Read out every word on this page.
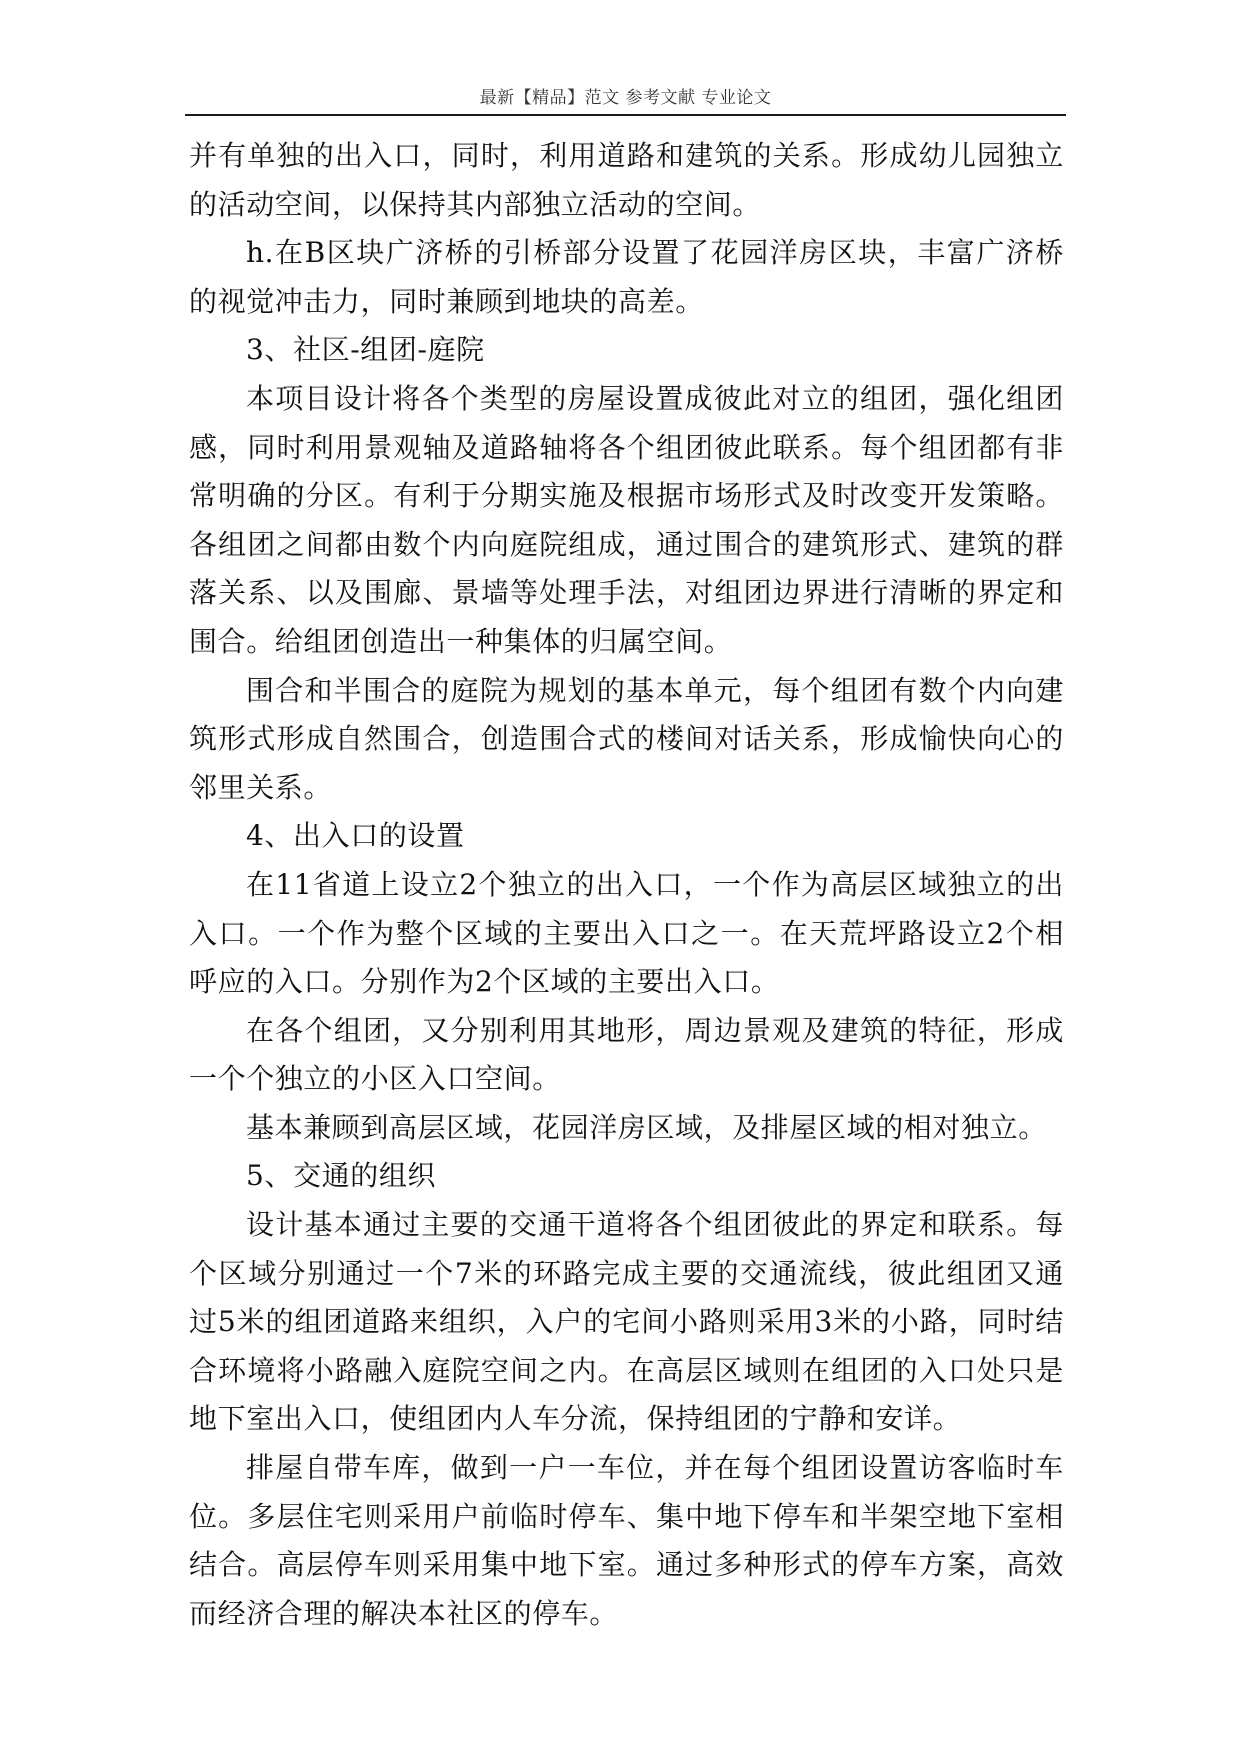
最新【精品】范文 参考文献 专业论文

并有单独的出入口，同时，利用道路和建筑的关系。形成幼儿园独立的活动空间，以保持其内部独立活动的空间。

h.在B区块广济桥的引桥部分设置了花园洋房区块，丰富广济桥的视觉冲击力，同时兼顾到地块的高差。

3、社区-组团-庭院

本项目设计将各个类型的房屋设置成彼此对立的组团，强化组团感，同时利用景观轴及道路轴将各个组团彼此联系。每个组团都有非常明确的分区。有利于分期实施及根据市场形式及时改变开发策略。各组团之间都由数个内向庭院组成，通过围合的建筑形式、建筑的群落关系、以及围廊、景墙等处理手法，对组团边界进行清晰的界定和围合。给组团创造出一种集体的归属空间。

围合和半围合的庭院为规划的基本单元，每个组团有数个内向建筑形式形成自然围合，创造围合式的楼间对话关系，形成愉快向心的邻里关系。

4、出入口的设置

在11省道上设立2个独立的出入口，一个作为高层区域独立的出入口。一个作为整个区域的主要出入口之一。在天荒坪路设立2个相呼应的入口。分别作为2个区域的主要出入口。

在各个组团，又分别利用其地形，周边景观及建筑的特征，形成一个个独立的小区入口空间。

基本兼顾到高层区域，花园洋房区域，及排屋区域的相对独立。

5、交通的组织

设计基本通过主要的交通干道将各个组团彼此的界定和联系。每个区域分别通过一个7米的环路完成主要的交通流线，彼此组团又通过5米的组团道路来组织，入户的宅间小路则采用3米的小路，同时结合环境将小路融入庭院空间之内。在高层区域则在组团的入口处只是地下室出入口，使组团内人车分流，保持组团的宁静和安详。

排屋自带车库，做到一户一车位，并在每个组团设置访客临时车位。多层住宅则采用户前临时停车、集中地下停车和半架空地下室相结合。高层停车则采用集中地下室。通过多种形式的停车方案，高效而经济合理的解决本社区的停车。
